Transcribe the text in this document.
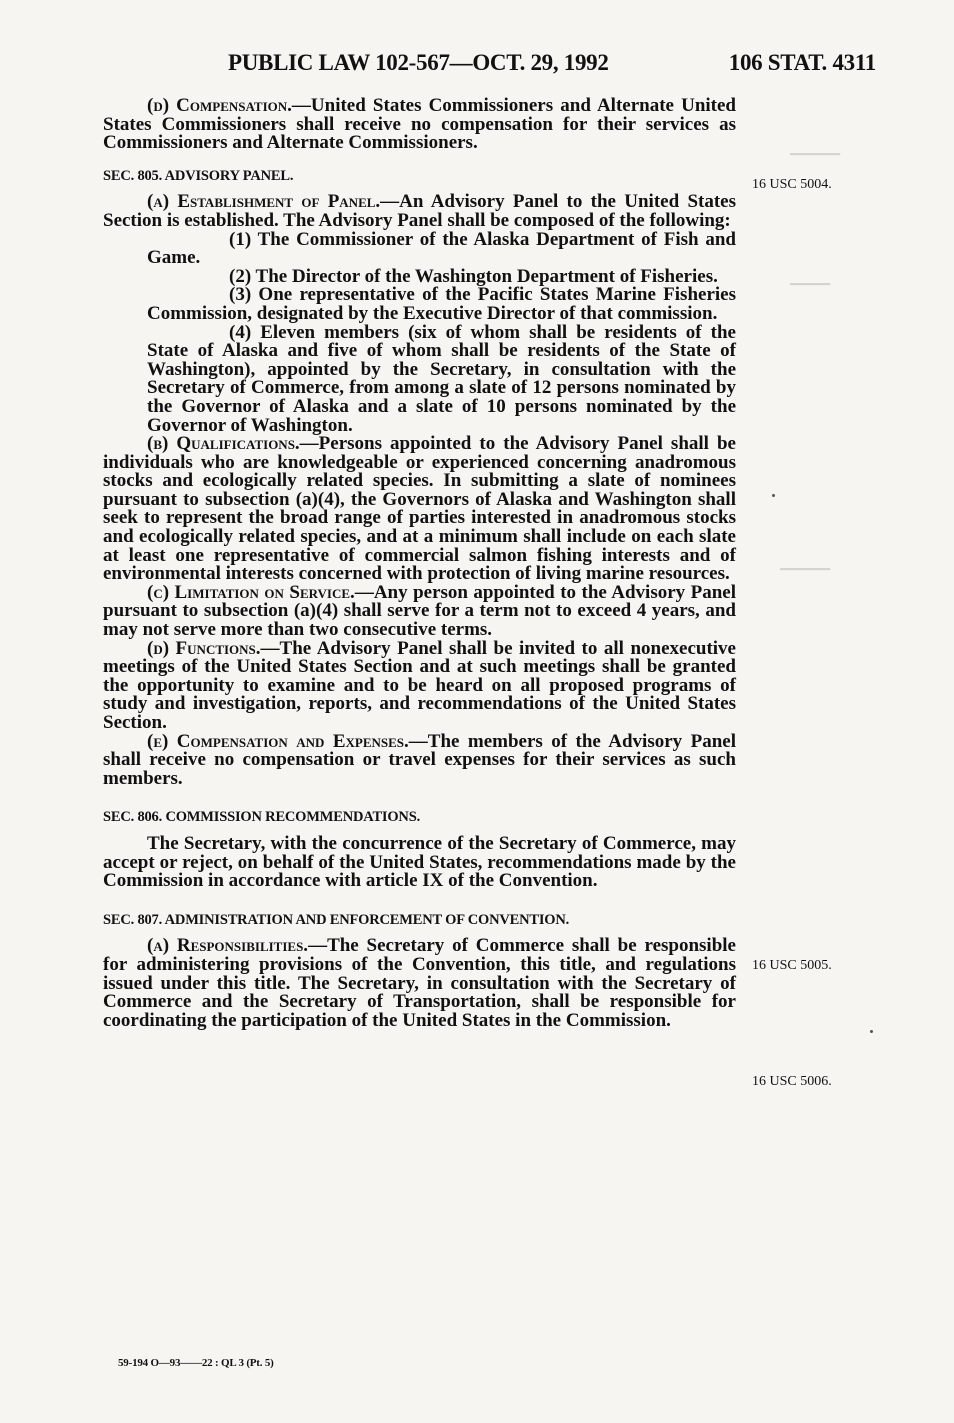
▁▁▁▁▁
▁▁▁▁
▁▁▁▁▁
PUBLIC LAW 102-567—OCT. 29, 1992	106 STAT. 4311

(d) Compensation.—United States Commissioners and Alternate United States Commissioners shall receive no compensation for their services as Commissioners and Alternate Commissioners.

SEC. 805. ADVISORY PANEL.

(a) Establishment of Panel.—An Advisory Panel to the United States Section is established. The Advisory Panel shall be composed of the following:

(1) The Commissioner of the Alaska Department of Fish and Game.

(2) The Director of the Washington Department of Fisheries.

(3) One representative of the Pacific States Marine Fisheries Commission, designated by the Executive Director of that commission.

(4) Eleven members (six of whom shall be residents of the State of Alaska and five of whom shall be residents of the State of Washington), appointed by the Secretary, in consultation with the Secretary of Commerce, from among a slate of 12 persons nominated by the Governor of Alaska and a slate of 10 persons nominated by the Governor of Washington.

(b) Qualifications.—Persons appointed to the Advisory Panel shall be individuals who are knowledgeable or experienced concerning anadromous stocks and ecologically related species. In submitting a slate of nominees pursuant to subsection (a)(4), the Governors of Alaska and Washington shall seek to represent the broad range of parties interested in anadromous stocks and ecologically related species, and at a minimum shall include on each slate at least one representative of commercial salmon fishing interests and of environmental interests concerned with protection of living marine resources.

(c) Limitation on Service.—Any person appointed to the Advisory Panel pursuant to subsection (a)(4) shall serve for a term not to exceed 4 years, and may not serve more than two consecutive terms.

(d) Functions.—The Advisory Panel shall be invited to all nonexecutive meetings of the United States Section and at such meetings shall be granted the opportunity to examine and to be heard on all proposed programs of study and investigation, reports, and recommendations of the United States Section.

(e) Compensation and Expenses.—The members of the Advisory Panel shall receive no compensation or travel expenses for their services as such members.

SEC. 806. COMMISSION RECOMMENDATIONS.

The Secretary, with the concurrence of the Secretary of Commerce, may accept or reject, on behalf of the United States, recommendations made by the Commission in accordance with article IX of the Convention.

SEC. 807. ADMINISTRATION AND ENFORCEMENT OF CONVENTION.

(a) Responsibilities.—The Secretary of Commerce shall be responsible for administering provisions of the Convention, this title, and regulations issued under this title. The Secretary, in consultation with the Secretary of Commerce and the Secretary of Transportation, shall be responsible for coordinating the participation of the United States in the Commission.

16 USC 5004.
16 USC 5005.
16 USC 5006.
59-194 O—93——22 : QL 3 (Pt. 5)
